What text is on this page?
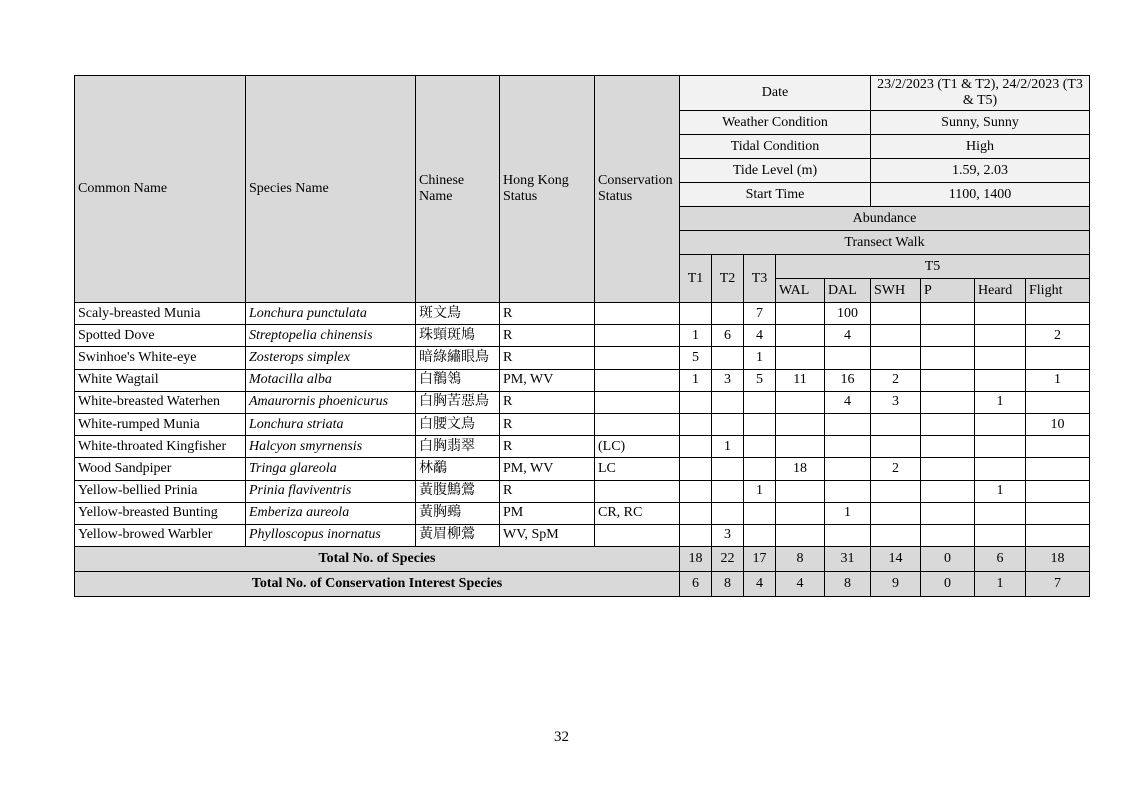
Common Name	Species Name	Chinese Name	Hong Kong Status	Conservation Status	Date					23/2/2023 (T1 & T2), 24/2/2023 (T3 & T5)			
					Weather Condition					Sunny, Sunny			
					Tidal Condition					High			
					Tide Level (m)					1.59, 2.03			
					Start Time					1100, 1400			
					Abundance								
					Transect Walk								
					T1	T2	T3	T5					
								WAL	DAL	SWH	P	Heard	Flight

Scaly-breasted Munia	Lonchura punctulata	斑文鳥	R				7		100				
Spotted Dove	Streptopelia chinensis	珠頸斑鳩	R		1	6	4		4				2
Swinhoe's White-eye	Zosterops simplex	暗綠繡眼鳥	R		5		1						
White Wagtail	Motacilla alba	白鶺鴒	PM, WV		1	3	5	11	16	2			1
White-breasted Waterhen	Amaurornis phoenicurus	白胸苦惡鳥	R						4	3		1	
White-rumped Munia	Lonchura striata	白腰文鳥	R										10
White-throated Kingfisher	Halcyon smyrnensis	白胸翡翠	R	(LC)		1							
Wood Sandpiper	Tringa glareola	林鷸	PM, WV	LC				18		2			
Yellow-bellied Prinia	Prinia flaviventris	黃腹鷦鶯	R				1					1	
Yellow-breasted Bunting	Emberiza aureola	黃胸鵐	PM	CR, RC					1				
Yellow-browed Warbler	Phylloscopus inornatus	黃眉柳鶯	WV, SpM			3							
Total No. of Species					18	22	17	8	31	14	0	6	18
Total No. of Conservation Interest Species					6	8	4	4	8	9	0	1	7
32
